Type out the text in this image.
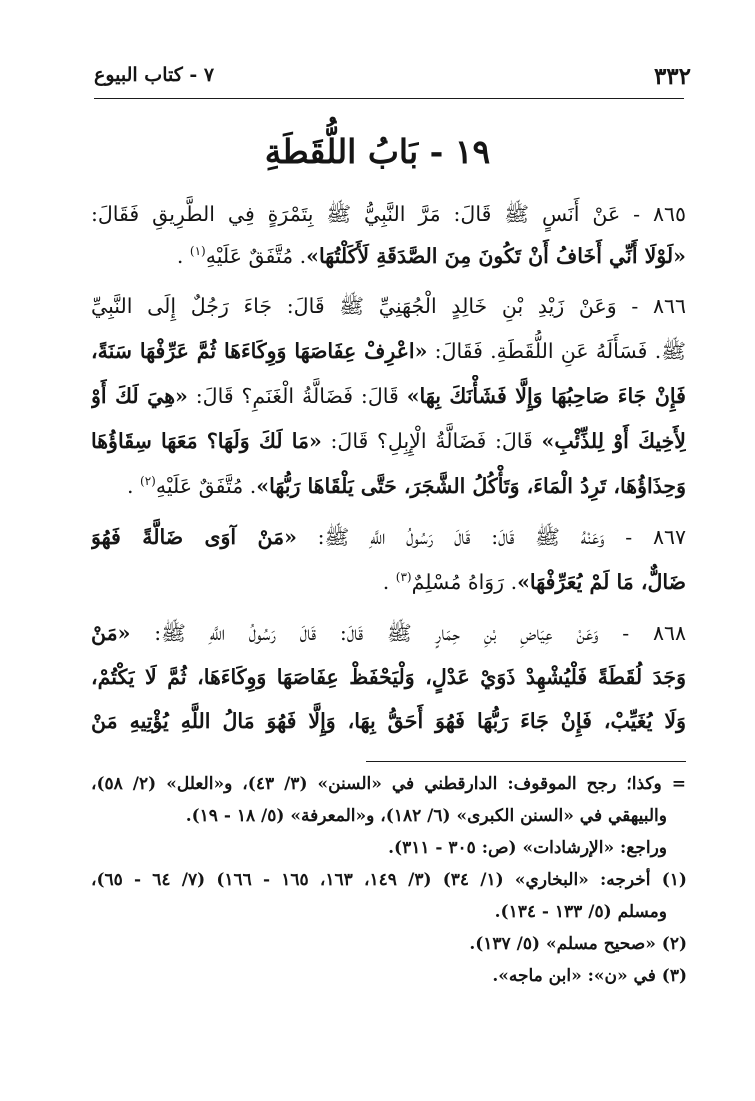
٣٣٢
٧ - كتاب البيوع
١٩ - بَابُ اللُّقَطَةِ
٨٦٥ - عَنْ أَنَسٍ ﷺ قَالَ: مَرَّ النَّبِيُّ ﷺ بِتَمْرَةٍ فِي الطَّرِيقِ فَقَالَ:
«لَوْلَا أَنِّي أَخَافُ أَنْ تَكُونَ مِنَ الصَّدَقَةِ لَأَكَلْتُهَا». مُتَّفَقٌ عَلَيْهِ$^{(١)}$ .
٨٦٦ - وَعَنْ زَيْدِ بْنِ خَالِدٍ الْجُهَنِيِّ ﷺ قَالَ: جَاءَ رَجُلٌ إِلَى النَّبِيِّ
ﷺ. فَسَأَلَهُ عَنِ اللُّقَطَةِ. فَقَالَ: «اعْرِفْ عِفَاصَهَا وَوِكَاءَهَا ثُمَّ عَرِّفْهَا سَنَةً،
فَإِنْ جَاءَ صَاحِبُهَا وَإِلَّا فَشَأْنَكَ بِهَا» قَالَ: فَضَالَّةُ الْغَنَمِ؟ قَالَ: «هِيَ لَكَ أَوْ
لِأَخِيكَ أَوْ لِلذِّئْبِ» قَالَ: فَضَالَّةُ الْإِبِلِ؟ قَالَ: «مَا لَكَ وَلَهَا؟ مَعَهَا سِقَاؤُهَا
وَحِذَاؤُهَا، تَرِدُ الْمَاءَ، وَتَأْكُلُ الشَّجَرَ، حَتَّى يَلْقَاهَا رَبُّهَا». مُتَّفَقٌ عَلَيْهِ$^{(٢)}$ .
٨٦٧ - وَعَنْهُ ﷺ قَالَ: قَالَ رَسُولُ اللَّهِ ﷺ: «مَنْ آوَى ضَالَّةً فَهُوَ
ضَالٌّ، مَا لَمْ يُعَرِّفْهَا». رَوَاهُ مُسْلِمٌ$^{(٣)}$ .
٨٦٨ - وَعَنْ عِيَاضِ بْنِ حِمَارٍ ﷺ قَالَ: قَالَ رَسُولُ اللَّهِ ﷺ: «مَنْ
وَجَدَ لُقَطَةً فَلْيُشْهِدْ ذَوَيْ عَدْلٍ، وَلْيَحْفَظْ عِفَاصَهَا وَوِكَاءَهَا، ثُمَّ لَا يَكْتُمْ،
وَلَا يُغَيِّبْ، فَإِنْ جَاءَ رَبُّهَا فَهُوَ أَحَقُّ بِهَا، وَإِلَّا فَهُوَ مَالُ اللَّهِ يُؤْتِيهِ مَنْ
= وكذا؛ رجح الموقوف: الدارقطني في «السنن» (٣/ ٤٣)، و«العلل» (٢/ ٥٨)،
والبيهقي في «السنن الكبرى» (٦/ ١٨٢)، و«المعرفة» (٥/ ١٨ - ١٩).
وراجع: «الإرشادات» (ص: ٣٠٥ - ٣١١).
(١) أخرجه: «البخاري» (١/ ٣٤) (٣/ ١٤٩، ١٦٣، ١٦٥ - ١٦٦) (٧/ ٦٤ - ٦٥)،
ومسلم (٥/ ١٣٣ - ١٣٤).
(٢) «صحيح مسلم» (٥/ ١٣٧).
(٣) في «ن»: «ابن ماجه».
